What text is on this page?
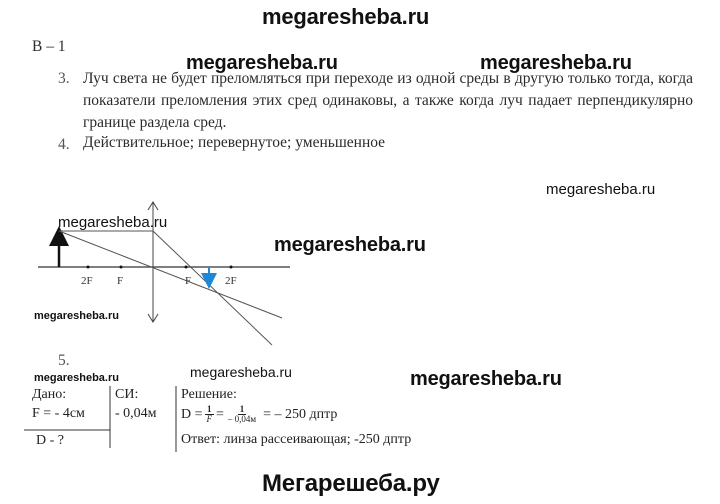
megaresheba.ru
megaresheba.ru	megaresheba.ru
megaresheba.ru
В – 1
3. Луч света не будет преломляться при переходе из одной среды в другую только тогда, когда показатели преломления этих сред одинаковы, а также когда луч падает перпендикулярно границе раздела сред.
4. Действительное; перевернутое; уменьшенное
2F F	F	2F
megaresheba.ru
megaresheba.ru
megaresheba.ru
5.
megaresheba.ru	megaresheba.ru	megaresheba.ru
Дано:
F = - 4см
СИ:
- 0,04м
D - ?
Решение:
$D = \frac{1}{F} = \frac{1}{- 0,04м}$ = – 250 дптр
Ответ: линза рассеивающая; -250 дптр
Мегарешеба.ру
